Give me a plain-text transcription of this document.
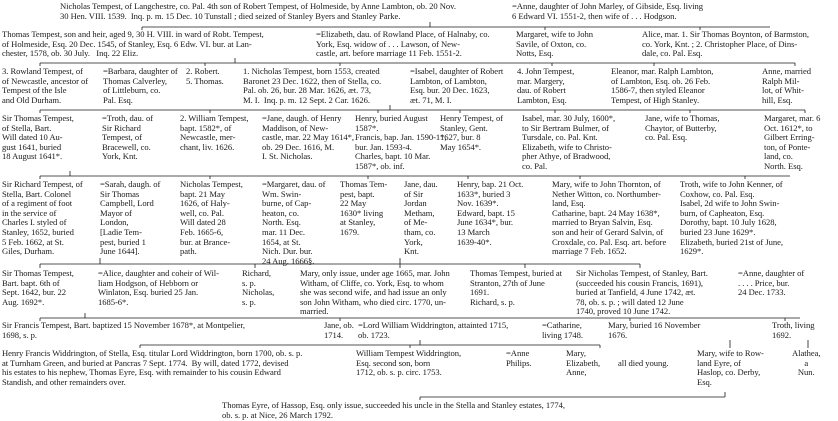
Nicholas Tempest, of Langchestre, co. Pal. 4th son of Robert Tempest, of Holmeside, by Anne Lambton, ob. 20 Nov.
30 Hen. VIII. 1539.  Inq. p. m. 15 Dec. 10 Tunstall ; died seized of Stanley Byers and Stanley Parke.

=Anne, daughter of John Marley, of Gibside, Esq. living
6 Edward VI. 1551-2, then wife of . . . Hodgson.

Thomas Tempest, son and heir, aged 9, 30 H. VIII. in ward of Robt. Tempest,
of Holmeside, Esq. 20 Dec. 1545, of Stanley, Esq. 6 Edw. VI. bur. at Lan-
chester, 1578, ob. 30 July.   Inq. 22 Eliz.

=Elizabeth, dau. of Rowland Place, of Halnaby, co.
York, Esq. widow of . . . Lawson, of New-
castle, art. before marriage 11 Feb. 1551-2.

Margaret, wife to John
Savile, of Oxton, co.
Notts, Esq.

Alice, mar. 1. Sir Thomas Boynton, of Barmston,
co. York, Knt. ; 2. Christopher Place, of Dins-
dale, co. Pal. Esq.

3. Rowland Tempest, of
of Newcastle, ancestor of
Tempest of the Isle
and Old Durham.

=Barbara, daughter of
Thomas Calverley,
of Littleburn, co.
Pal. Esq.

2. Robert.
5. Thomas.

1. Nicholas Tempest, born 1553, created
Baronet 23 Dec. 1622, then of Stella, co.
Pal. ob. 26, bur. 28 Mar. 1626, æt. 73,
M. I.  Inq. p. m. 12 Sept. 2 Car. 1626.

=Isabel, daughter of Robert
Lambton, of Lambton,
Esq. bur. 20 Dec. 1623,
æt. 71, M. I.

4. John Tempest,
mar. Margery,
dau. of Robert
Lambton, Esq.

Eleanor, mar. Ralph Lambton,
of Lambton, Esq. ob. 26 Feb.
1586-7, then styled Eleanor
Tempest, of High Stanley.

Anne, married
Ralph Mil-
lot, of Whit-
hill, Esq.

Sir Thomas Tempest,
of Stella, Bart.
Will dated 10 Au-
gust 1641, buried
18 August 1641*.

=Troth, dau. of
Sir Richard
Tempest, of
Bracewell, co.
York, Knt.

2. William Tempest,
bapt. 1582*, of
Newcastle, mer-
chant, liv. 1626.

=Jane, daugh. of Henry
Maddison, of New-
castle, mar. 22 May 1614*,
ob. 29 Dec. 1616, M.
I. St. Nicholas.

Henry, buried August
1587*.
Francis, bap. Jan. 1590-1*,
bur. Jan. 1593-4.
Charles, bapt. 10 Mar.
1587*, ob. inf.

Henry Tempest, of
Stanley, Gent.
1627, bur. 8
May 1654*.

Isabel, mar. 30 July, 1600*,
to Sir Bertram Bulmer, of
Tursdale, co. Pal. Knt.
Elizabeth, wife to Christo-
pher Athye, of Bradwood,
co. Pal.

Jane, wife to Thomas,
Chaytor, of Butterby,
co. Pal. Esq.

Margaret, mar. 6
Oct. 1612*, to
Gilbert Erring-
ton, of Ponte-
land, co.
North. Esq.

Sir Richard Tempest, of
Stella, Bart. Colonel
of a regiment of foot
in the service of
Charles I. styled of
Stanley, 1652, buried
5 Feb. 1662, at St.
Giles, Durham.

=Sarah, daugh. of
Sir Thomas
Campbell, Lord
Mayor of
London,
[Ladie Tem-
pest, buried 1
June 1644].

Nicholas Tempest,
bapt. 21 May
1626, of Haly-
well, co. Pal.
Will dated 28
Feb. 1665-6,
bur. at Brance-
path.

=Margaret, dau. of
Wm. Swin-
burne, of Cap-
heaton, co.
North. Esq.
mar. 11 Dec.
1654, at St.
Nich. Dur. bur.
24 Aug. 1666§.

Thomas Tem-
pest, bapt.
22 May
1630* living
at Stanley,
1679.

Jane, dau.
of Sir
Jordan
Metham,
of Me-
tham, co.
York,
Knt.

Henry, bap. 21 Oct.
1633*, buried 3
Nov. 1639*.
Edward, bapt. 15
June 1634*, bur.
13 March
1639-40*.

Mary, wife to John Thornton, of
Nether Witton, co. Northumber-
land, Esq.
Catharine, bapt. 24 May 1638*,
married to Bryan Salvin, Esq.
son and heir of Gerard Salvin, of
Croxdale, co. Pal. Esq. art. before
marriage 7 Feb. 1652.

Troth, wife to John Kenner, of
Coxhow, co. Pal. Esq.
Isabel, 2d wife to John Swin-
burn, of Capheaton, Esq.
Dorothy, bapt. 10 July 1628,
buried 23 June 1629*.
Elizabeth, buried 21st of June,
1629*.

Sir Thomas Tempest,
Bart. bapt. 6th of
Sept. 1642, bur. 22
Aug. 1692*.

=Alice, daughter and coheir of Wil-
liam Hodgson, of Hebborn or
Winlaton, Esq. buried 25 Jan.
1685-6*.

Richard,
s. p.
Nicholas,
s. p.

Mary, only issue, under age 1665, mar. John
Witham, of Cliffe, co. York, Esq. to whom
she was second wife, and had issue an only
son John Witham, who died circ. 1770, un-
married.

Thomas Tempest, buried at
Stranton, 27th of June
1691.
Richard, s. p.

Sir Nicholas Tempest, of Stanley, Bart.
(succeeded his cousin Francis, 1691),
buried at Tanfield, 4 June 1742, æt.
78, ob. s. p. ; will dated 12 June
1740, proved 10 June 1742.

=Anne, daughter of
. . . . Price, bur.
24 Dec. 1733.

Sir Francis Tempest, Bart. baptized 15 November 1678*, at Montpelier,
1698, s. p.

Jane, ob.
1714.

=Lord William Widdrington, attainted 1715,
ob. 1723.

=Catharine,
living 1748.

Mary, buried 16 November
1676.

Troth, living
1692.

Henry Francis Widdrington, of Stella, Esq. titular Lord Widdrington, born 1700, ob. s. p.
at Turnham Green, and buried at Pancras 7 Sept. 1774.  By will, dated 1772, devised
his estates to his nephew, Thomas Eyre, Esq. with remainder to his cousin Edward
Standish, and other remainders over.

William Tempest Widdrington,
Esq. second son, born
1712, ob. s. p. circ. 1753.

=Anne
Philips.

Mary,
Elizabeth,
Anne,

all died young.

Mary, wife to Row-
land Eyre, of
Haslop, co. Derby,
Esq.

Alathea,
a
Nun.

Thomas Eyre, of Hassop, Esq. only issue, succeeded his uncle in the Stella and Stanley estates, 1774,
ob. s. p. at Nice, 26 March 1792.
